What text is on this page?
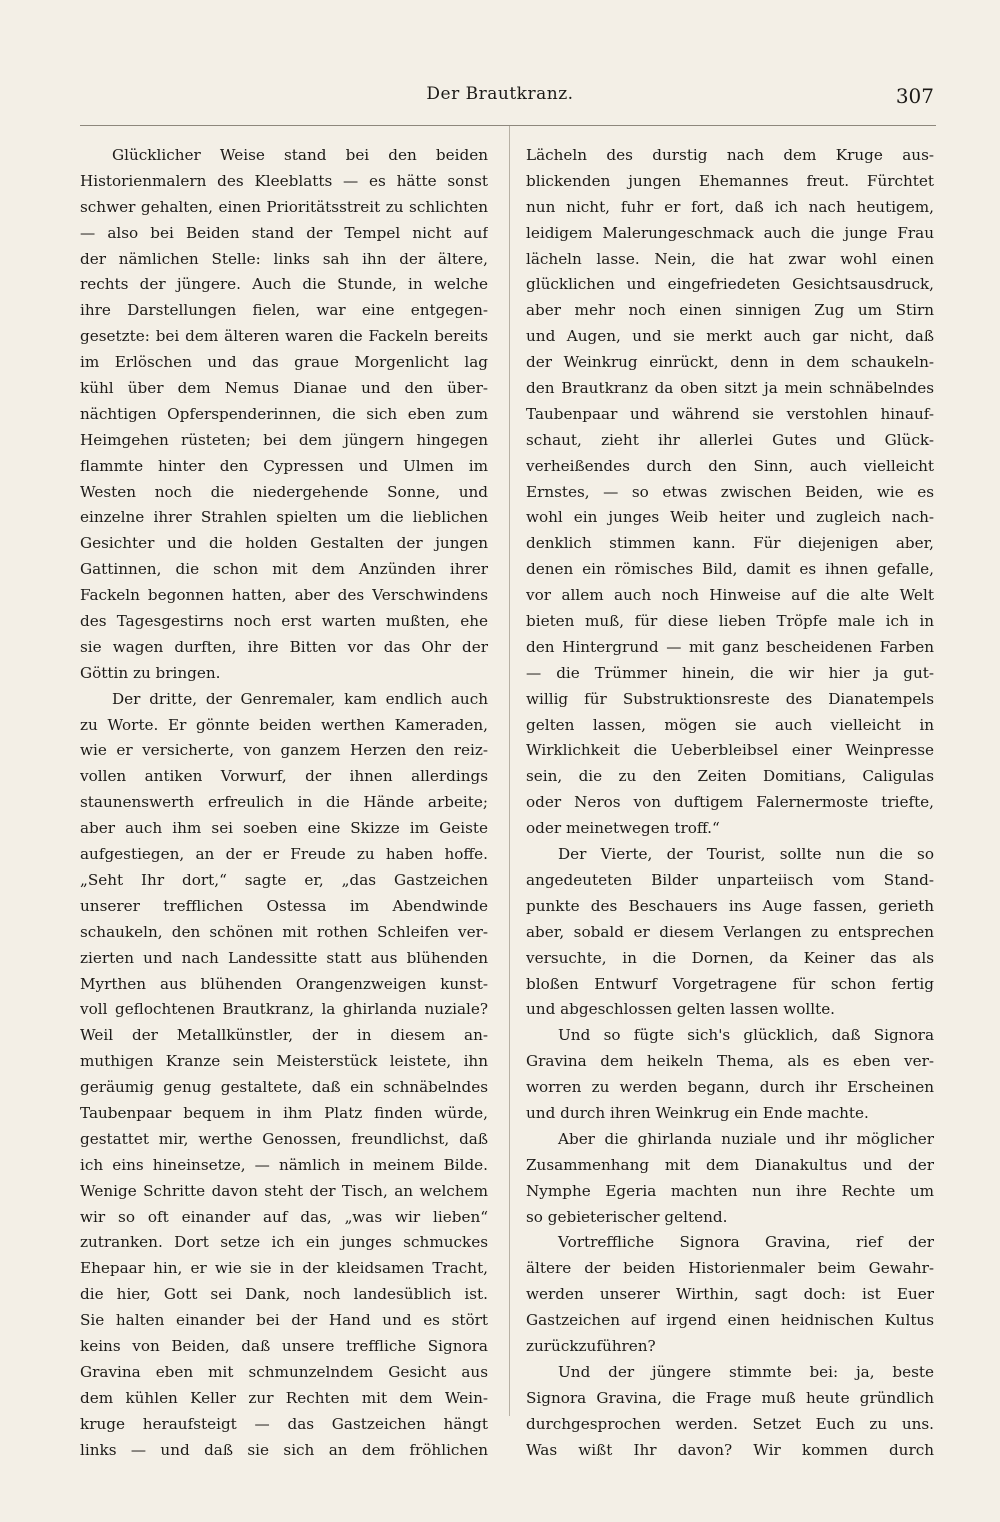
Der Brautkranz.	307
Glücklicher Weise stand bei den beiden
Historienmalern des Kleeblatts — es hätte sonst
schwer gehalten, einen Prioritätsstreit zu schlichten
— also bei Beiden stand der Tempel nicht auf
der nämlichen Stelle: links sah ihn der ältere,
rechts der jüngere. Auch die Stunde, in welche
ihre Darstellungen fielen, war eine entgegen-
gesetzte: bei dem älteren waren die Fackeln bereits
im Erlöschen und das graue Morgenlicht lag
kühl über dem Nemus Dianae und den über-
nächtigen Opferspenderinnen, die sich eben zum
Heimgehen rüsteten; bei dem jüngern hingegen
flammte hinter den Cypressen und Ulmen im
Westen noch die niedergehende Sonne, und
einzelne ihrer Strahlen spielten um die lieblichen
Gesichter und die holden Gestalten der jungen
Gattinnen, die schon mit dem Anzünden ihrer
Fackeln begonnen hatten, aber des Verschwindens
des Tagesgestirns noch erst warten mußten, ehe
sie wagen durften, ihre Bitten vor das Ohr der
Göttin zu bringen.
Der dritte, der Genremaler, kam endlich auch
zu Worte. Er gönnte beiden werthen Kameraden,
wie er versicherte, von ganzem Herzen den reiz-
vollen antiken Vorwurf, der ihnen allerdings
staunenswerth erfreulich in die Hände arbeite;
aber auch ihm sei soeben eine Skizze im Geiste
aufgestiegen, an der er Freude zu haben hoffe.
„Seht Ihr dort,“ sagte er, „das Gastzeichen
unserer trefflichen Ostessa im Abendwinde
schaukeln, den schönen mit rothen Schleifen ver-
zierten und nach Landessitte statt aus blühenden
Myrthen aus blühenden Orangenzweigen kunst-
voll geflochtenen Brautkranz, la ghirlanda nuziale?
Weil der Metallkünstler, der in diesem an-
muthigen Kranze sein Meisterstück leistete, ihn
geräumig genug gestaltete, daß ein schnäbelndes
Taubenpaar bequem in ihm Platz finden würde,
gestattet mir, werthe Genossen, freundlichst, daß
ich eins hineinsetze, — nämlich in meinem Bilde.
Wenige Schritte davon steht der Tisch, an welchem
wir so oft einander auf das, „was wir lieben“
zutranken. Dort setze ich ein junges schmuckes
Ehepaar hin, er wie sie in der kleidsamen Tracht,
die hier, Gott sei Dank, noch landesüblich ist.
Sie halten einander bei der Hand und es stört
keins von Beiden, daß unsere treffliche Signora
Gravina eben mit schmunzelndem Gesicht aus
dem kühlen Keller zur Rechten mit dem Wein-
kruge heraufsteigt — das Gastzeichen hängt
links — und daß sie sich an dem fröhlichen
Lächeln des durstig nach dem Kruge aus-
blickenden jungen Ehemannes freut. Fürchtet
nun nicht, fuhr er fort, daß ich nach heutigem,
leidigem Malerungeschmack auch die junge Frau
lächeln lasse. Nein, die hat zwar wohl einen
glücklichen und eingefriedeten Gesichtsausdruck,
aber mehr noch einen sinnigen Zug um Stirn
und Augen, und sie merkt auch gar nicht, daß
der Weinkrug einrückt, denn in dem schaukeln-
den Brautkranz da oben sitzt ja mein schnäbelndes
Taubenpaar und während sie verstohlen hinauf-
schaut, zieht ihr allerlei Gutes und Glück-
verheißendes durch den Sinn, auch vielleicht
Ernstes, — so etwas zwischen Beiden, wie es
wohl ein junges Weib heiter und zugleich nach-
denklich stimmen kann. Für diejenigen aber,
denen ein römisches Bild, damit es ihnen gefalle,
vor allem auch noch Hinweise auf die alte Welt
bieten muß, für diese lieben Tröpfe male ich in
den Hintergrund — mit ganz bescheidenen Farben
— die Trümmer hinein, die wir hier ja gut-
willig für Substruktionsreste des Dianatempels
gelten lassen, mögen sie auch vielleicht in
Wirklichkeit die Ueberbleibsel einer Weinpresse
sein, die zu den Zeiten Domitians, Caligulas
oder Neros von duftigem Falernermoste triefte,
oder meinetwegen troff.“
Der Vierte, der Tourist, sollte nun die so
angedeuteten Bilder unparteiisch vom Stand-
punkte des Beschauers ins Auge fassen, gerieth
aber, sobald er diesem Verlangen zu entsprechen
versuchte, in die Dornen, da Keiner das als
bloßen Entwurf Vorgetragene für schon fertig
und abgeschlossen gelten lassen wollte.
Und so fügte sich's glücklich, daß Signora
Gravina dem heikeln Thema, als es eben ver-
worren zu werden begann, durch ihr Erscheinen
und durch ihren Weinkrug ein Ende machte.
Aber die ghirlanda nuziale und ihr möglicher
Zusammenhang mit dem Dianakultus und der
Nymphe Egeria machten nun ihre Rechte um
so gebieterischer geltend.
Vortreffliche Signora Gravina, rief der
ältere der beiden Historienmaler beim Gewahr-
werden unserer Wirthin, sagt doch: ist Euer
Gastzeichen auf irgend einen heidnischen Kultus
zurückzuführen?
Und der jüngere stimmte bei: ja, beste
Signora Gravina, die Frage muß heute gründlich
durchgesprochen werden. Setzet Euch zu uns.
Was wißt Ihr davon? Wir kommen durch
